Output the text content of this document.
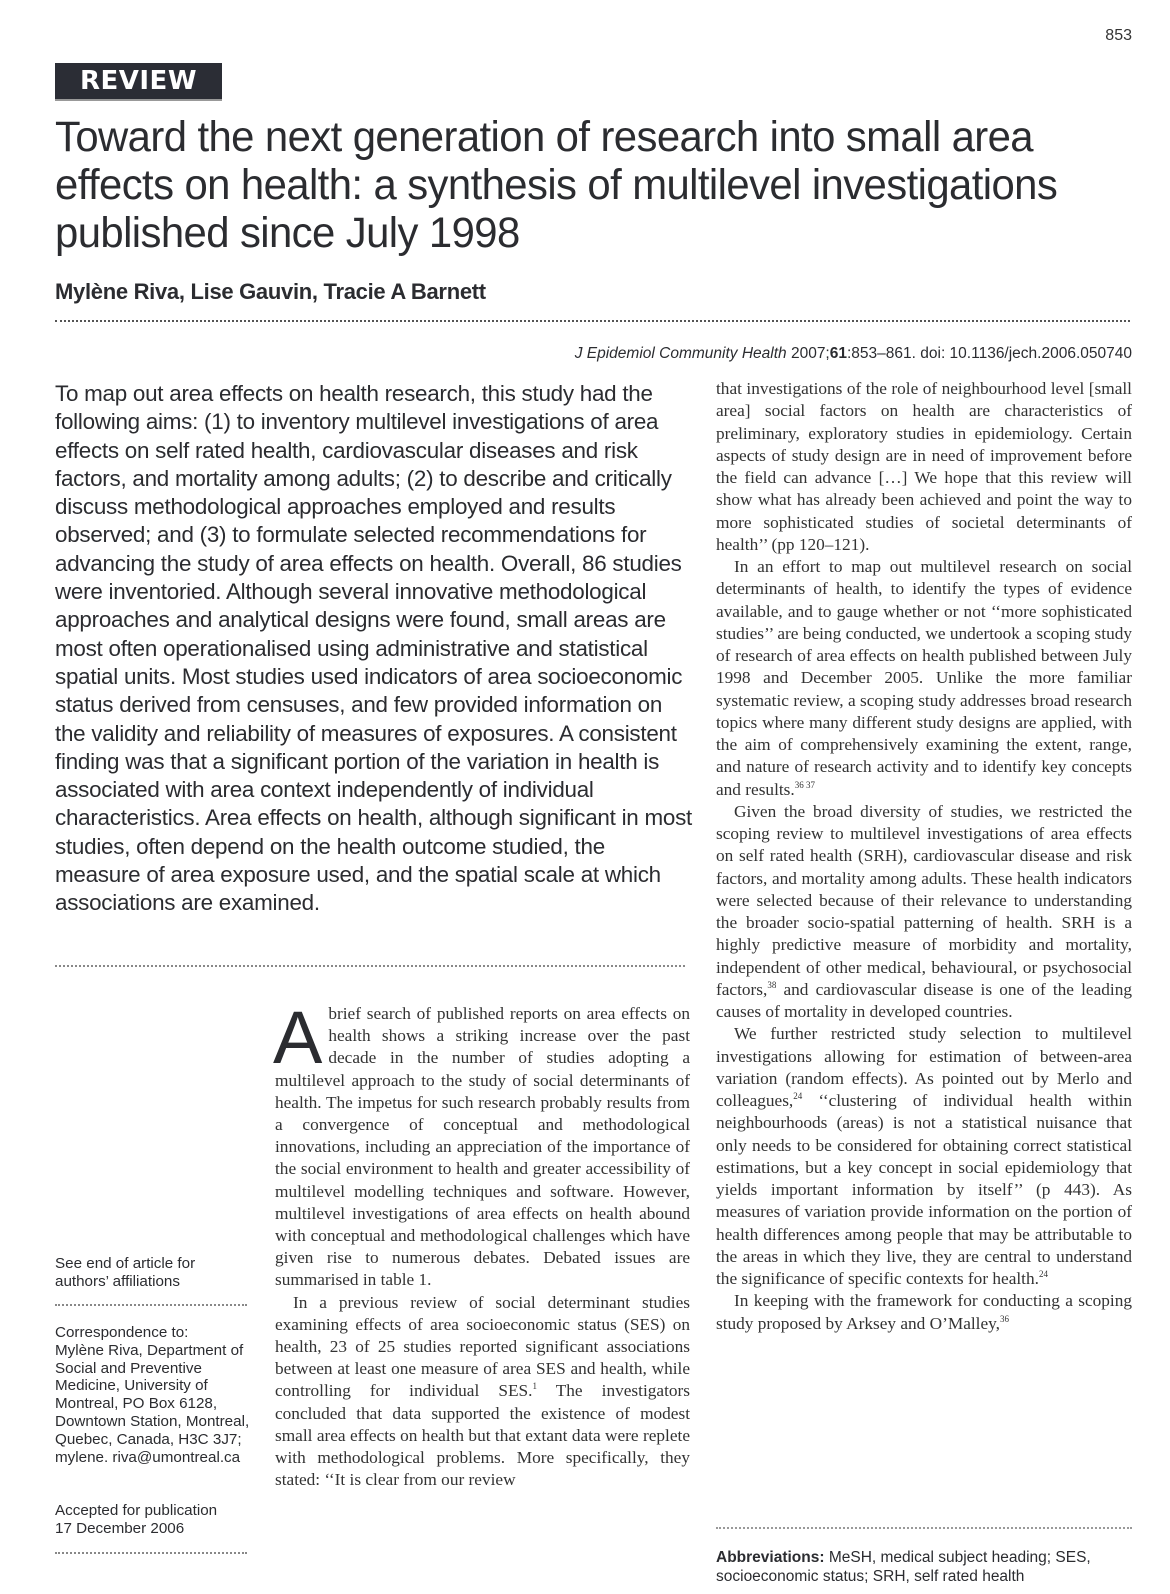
853
REVIEW
Toward the next generation of research into small area effects on health: a synthesis of multilevel investigations published since July 1998
Mylène Riva, Lise Gauvin, Tracie A Barnett
J Epidemiol Community Health 2007;61:853–861. doi: 10.1136/jech.2006.050740

To map out area effects on health research, this study had the following aims: (1) to inventory multilevel investigations of area effects on self rated health, cardiovascular diseases and risk factors, and mortality among adults; (2) to describe and critically discuss methodological approaches employed and results observed; and (3) to formulate selected recommendations for advancing the study of area effects on health. Overall, 86 studies were inventoried. Although several innovative methodological approaches and analytical designs were found, small areas are most often operationalised using administrative and statistical spatial units. Most studies used indicators of area socioeconomic status derived from censuses, and few provided information on the validity and reliability of measures of exposures. A consistent finding was that a significant portion of the variation in health is associated with area context independently of individual characteristics. Area effects on health, although significant in most studies, often depend on the health outcome studied, the measure of area exposure used, and the spatial scale at which associations are examined.

See end of article for authors’ affiliations
Correspondence to:
Mylène Riva, Department of Social and Preventive Medicine, University of Montreal, PO Box 6128, Downtown Station, Montreal, Quebec, Canada, H3C 3J7; mylene. riva@umontreal.ca
Accepted for publication
17 December 2006

Abrief search of published reports on area effects on health shows a striking increase over the past decade in the number of studies adopting a multilevel approach to the study of social determinants of health. The impetus for such research probably results from a convergence of conceptual and methodological innovations, including an appreciation of the importance of the social environment to health and greater accessibility of multilevel modelling techniques and software. However, multilevel investigations of area effects on health abound with conceptual and methodological challenges which have given rise to numerous debates. Debated issues are summarised in table 1.

In a previous review of social determinant studies examining effects of area socioeconomic status (SES) on health, 23 of 25 studies reported significant associations between at least one measure of area SES and health, while controlling for individual SES.$^1$ The investigators concluded that data supported the existence of modest small area effects on health but that extant data were replete with methodological problems. More specifically, they stated: ‘‘It is clear from our review

that investigations of the role of neighbourhood level [small area] social factors on health are characteristics of preliminary, exploratory studies in epidemiology. Certain aspects of study design are in need of improvement before the field can advance […] We hope that this review will show what has already been achieved and point the way to more sophisticated studies of societal determinants of health’’ (pp 120–121).

In an effort to map out multilevel research on social determinants of health, to identify the types of evidence available, and to gauge whether or not ‘‘more sophisticated studies’’ are being conducted, we undertook a scoping study of research of area effects on health published between July 1998 and December 2005. Unlike the more familiar systematic review, a scoping study addresses broad research topics where many different study designs are applied, with the aim of comprehensively examining the extent, range, and nature of research activity and to identify key concepts and results.$^{36 37}$

Given the broad diversity of studies, we restricted the scoping review to multilevel investigations of area effects on self rated health (SRH), cardiovascular disease and risk factors, and mortality among adults. These health indicators were selected because of their relevance to understanding the broader socio-spatial patterning of health. SRH is a highly predictive measure of morbidity and mortality, independent of other medical, behavioural, or psychosocial factors,$^{38}$ and cardiovascular disease is one of the leading causes of mortality in developed countries.

We further restricted study selection to multilevel investigations allowing for estimation of between-area variation (random effects). As pointed out by Merlo and colleagues,$^{24}$ ‘‘clustering of individual health within neighbourhoods (areas) is not a statistical nuisance that only needs to be considered for obtaining correct statistical estimations, but a key concept in social epidemiology that yields important information by itself’’ (p 443). As measures of variation provide information on the portion of health differences among people that may be attributable to the areas in which they live, they are central to understand the significance of specific contexts for health.$^{24}$

In keeping with the framework for conducting a scoping study proposed by Arksey and O’Malley,$^{36}$

Abbreviations: MeSH, medical subject heading; SES, socioeconomic status; SRH, self rated health
